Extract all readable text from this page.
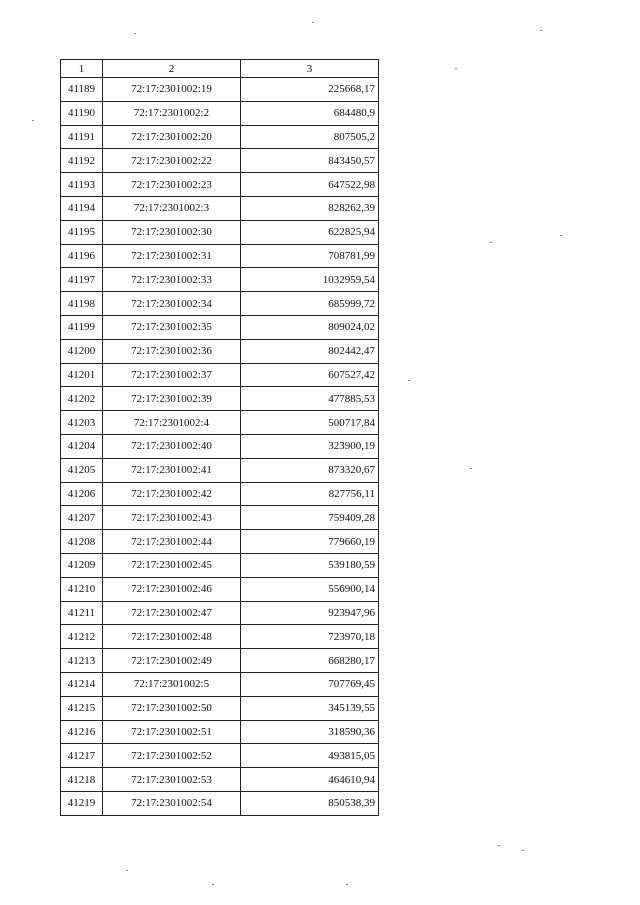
1	2	3
41189	72:17:2301002:19	225668,17
41190	72:17:2301002:2	684480,9
41191	72:17:2301002:20	807505,2
41192	72:17:2301002:22	843450,57
41193	72:17:2301002:23	647522,98
41194	72:17:2301002:3	828262,39
41195	72:17:2301002:30	622825,94
41196	72:17:2301002:31	708781,99
41197	72:17:2301002:33	1032959,54
41198	72:17:2301002:34	685999,72
41199	72:17:2301002:35	809024,02
41200	72:17:2301002:36	802442,47
41201	72:17:2301002:37	607527,42
41202	72:17:2301002:39	477885,53
41203	72:17:2301002:4	500717,84
41204	72:17:2301002:40	323900,19
41205	72:17:2301002:41	873320,67
41206	72:17:2301002:42	827756,11
41207	72:17:2301002:43	759409,28
41208	72:17:2301002:44	779660,19
41209	72:17:2301002:45	539180,59
41210	72:17:2301002:46	556900,14
41211	72:17:2301002:47	923947,96
41212	72:17:2301002:48	723970,18
41213	72:17:2301002:49	668280,17
41214	72:17:2301002:5	707769,45
41215	72:17:2301002:50	345139,55
41216	72:17:2301002:51	318590,36
41217	72:17:2301002:52	493815,05
41218	72:17:2301002:53	464610,94
41219	72:17:2301002:54	850538,39
